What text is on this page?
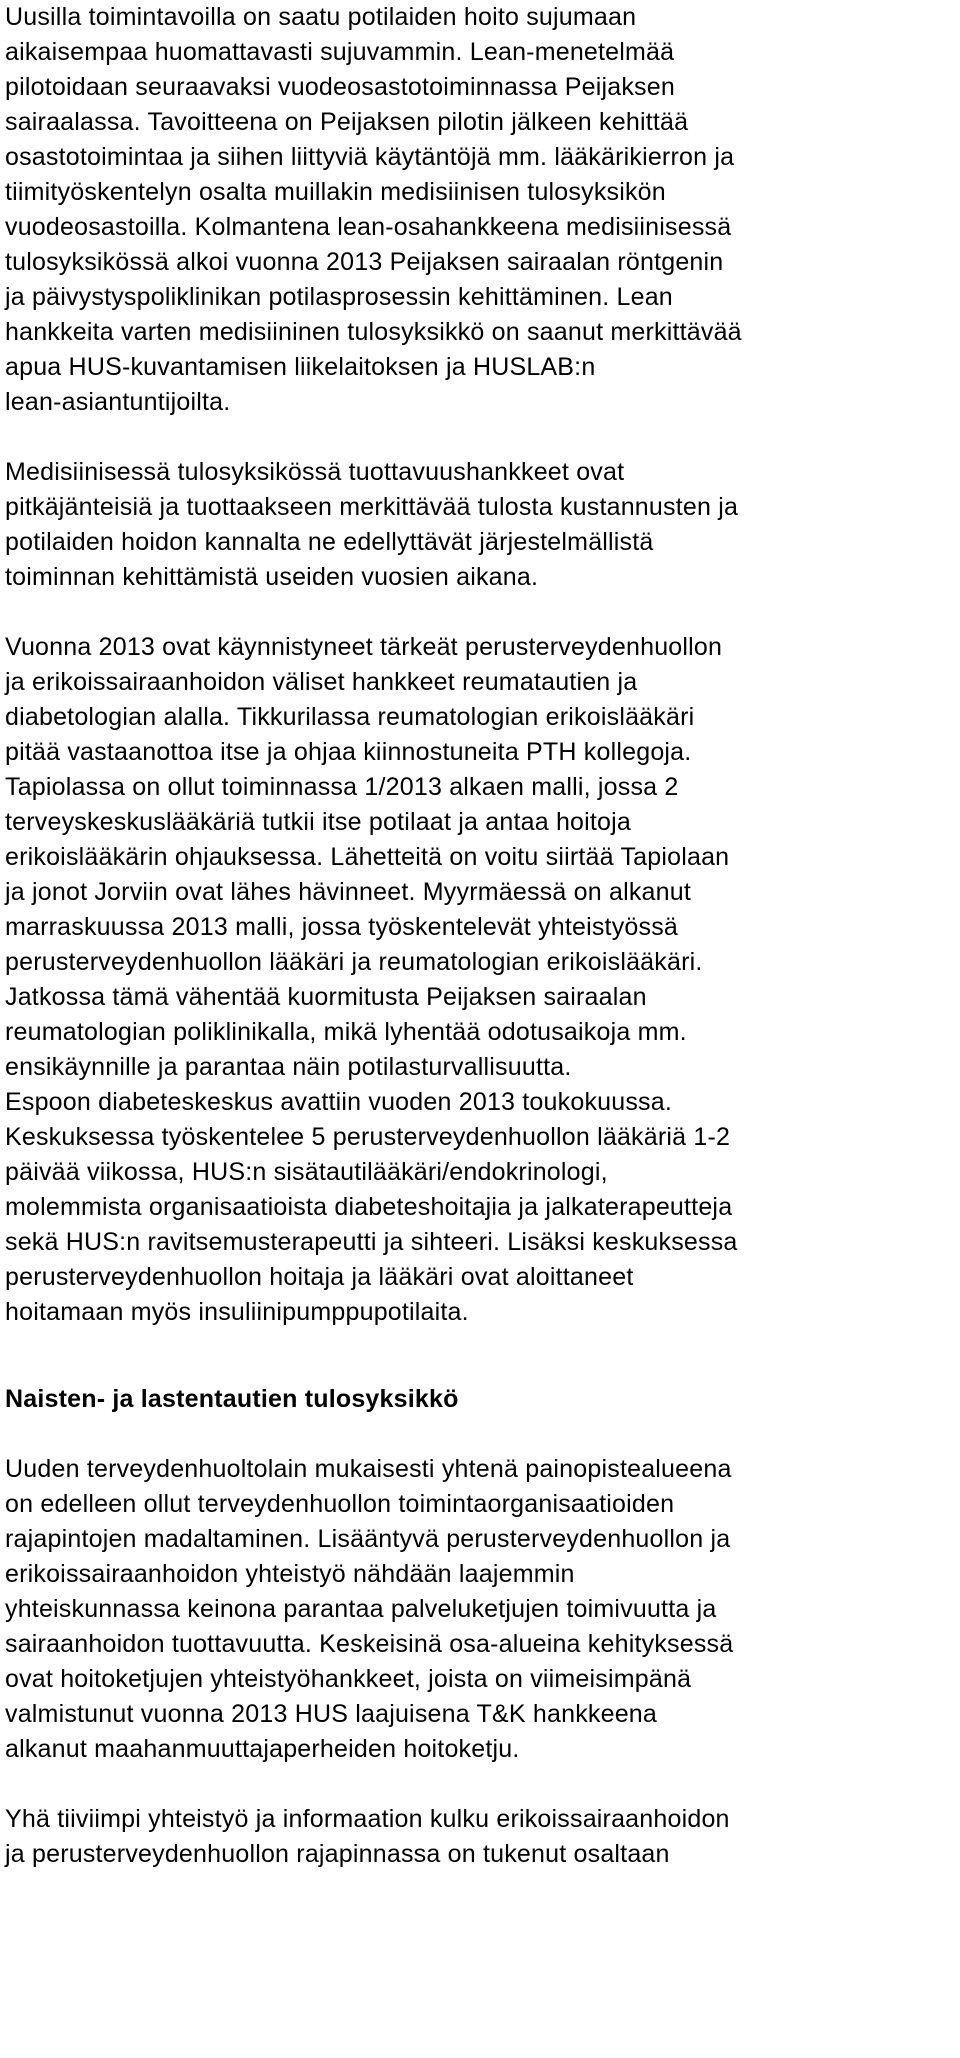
Uusilla toimintavoilla on saatu potilaiden hoito sujumaan
aikaisempaa huomattavasti sujuvammin. Lean-menetelmää
pilotoidaan seuraavaksi vuodeosastotoiminnassa Peijaksen
sairaalassa. Tavoitteena on Peijaksen pilotin jälkeen kehittää
osastotoimintaa ja siihen liittyviä käytäntöjä mm. lääkärikierron ja
tiimityöskentelyn osalta muillakin medisiinisen tulosyksikön
vuodeosastoilla. Kolmantena lean-osahankkeena medisiinisessä
tulosyksikössä alkoi vuonna 2013 Peijaksen sairaalan röntgenin
ja päivystyspoliklinikan potilasprosessin kehittäminen. Lean
hankkeita varten medisiininen tulosyksikkö on saanut merkittävää
apua HUS-kuvantamisen liikelaitoksen ja HUSLAB:n
lean-asiantuntijoilta.

Medisiinisessä tulosyksikössä tuottavuushankkeet ovat
pitkäjänteisiä ja tuottaakseen merkittävää tulosta kustannusten ja
potilaiden hoidon kannalta ne edellyttävät järjestelmällistä
toiminnan kehittämistä useiden vuosien aikana.

Vuonna 2013 ovat käynnistyneet tärkeät perusterveydenhuollon
ja erikoissairaanhoidon väliset hankkeet reumatautien ja
diabetologian alalla. Tikkurilassa reumatologian erikoislääkäri
pitää vastaanottoa itse ja ohjaa kiinnostuneita PTH kollegoja.
Tapiolassa on ollut toiminnassa 1/2013 alkaen malli, jossa 2
terveyskeskuslääkäriä tutkii itse potilaat ja antaa hoitoja
erikoislääkärin ohjauksessa. Lähetteitä on voitu siirtää Tapiolaan
ja jonot Jorviin ovat lähes hävinneet. Myyrmäessä on alkanut
marraskuussa 2013 malli, jossa työskentelevät yhteistyössä
perusterveydenhuollon lääkäri ja reumatologian erikoislääkäri.
Jatkossa tämä vähentää kuormitusta Peijaksen sairaalan
reumatologian poliklinikalla, mikä lyhentää odotusaikoja mm.
ensikäynnille ja parantaa näin potilasturvallisuutta.
Espoon diabeteskeskus avattiin vuoden 2013 toukokuussa.
Keskuksessa työskentelee 5 perusterveydenhuollon lääkäriä 1-2
päivää viikossa, HUS:n sisätautilääkäri/endokrinologi,
molemmista organisaatioista diabeteshoitajia ja jalkaterapeutteja
sekä HUS:n ravitsemusterapeutti ja sihteeri. Lisäksi keskuksessa
perusterveydenhuollon hoitaja ja lääkäri ovat aloittaneet
hoitamaan myös insuliinipumppupotilaita.

Naisten- ja lastentautien tulosyksikkö

Uuden terveydenhuoltolain mukaisesti yhtenä painopistealueena
on edelleen ollut terveydenhuollon toimintaorganisaatioiden
rajapintojen madaltaminen. Lisääntyvä perusterveydenhuollon ja
erikoissairaanhoidon yhteistyö nähdään laajemmin
yhteiskunnassa keinona parantaa palveluketjujen toimivuutta ja
sairaanhoidon tuottavuutta. Keskeisinä osa-alueina kehityksessä
ovat hoitoketjujen yhteistyöhankkeet, joista on viimeisimpänä
valmistunut vuonna 2013 HUS laajuisena T&K hankkeena
alkanut maahanmuuttajaperheiden hoitoketju.

Yhä tiiviimpi yhteistyö ja informaation kulku erikoissairaanhoidon
ja perusterveydenhuollon rajapinnassa on tukenut osaltaan
